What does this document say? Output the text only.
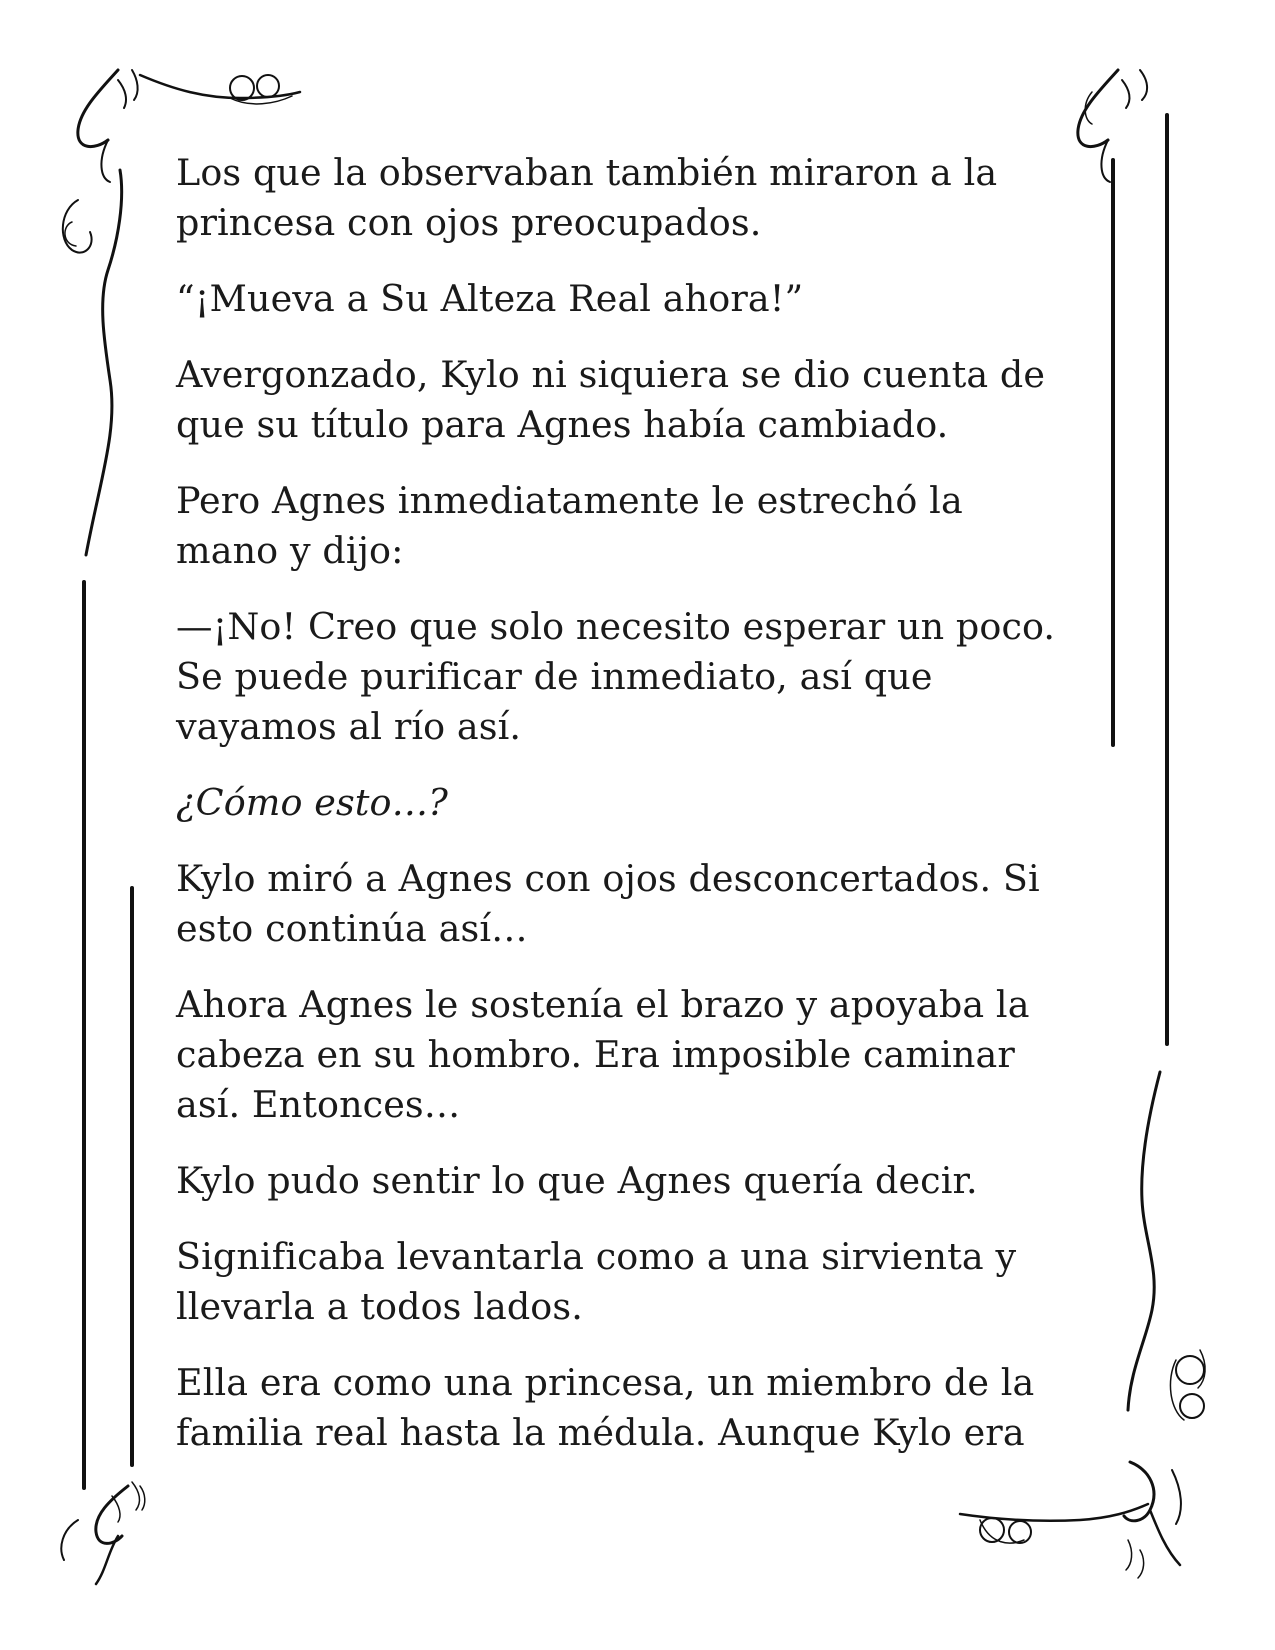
Los que la observaban también miraron a la
princesa con ojos preocupados.

“¡Mueva a Su Alteza Real ahora!”

Avergonzado, Kylo ni siquiera se dio cuenta de
que su título para Agnes había cambiado.

Pero Agnes inmediatamente le estrechó la
mano y dijo:

—¡No! Creo que solo necesito esperar un poco.
Se puede purificar de inmediato, así que
vayamos al río así.

¿Cómo esto…?

Kylo miró a Agnes con ojos desconcertados. Si
esto continúa así…

Ahora Agnes le sostenía el brazo y apoyaba la
cabeza en su hombro. Era imposible caminar
así. Entonces…

Kylo pudo sentir lo que Agnes quería decir.

Significaba levantarla como a una sirvienta y
llevarla a todos lados.

Ella era como una princesa, un miembro de la
familia real hasta la médula. Aunque Kylo era
